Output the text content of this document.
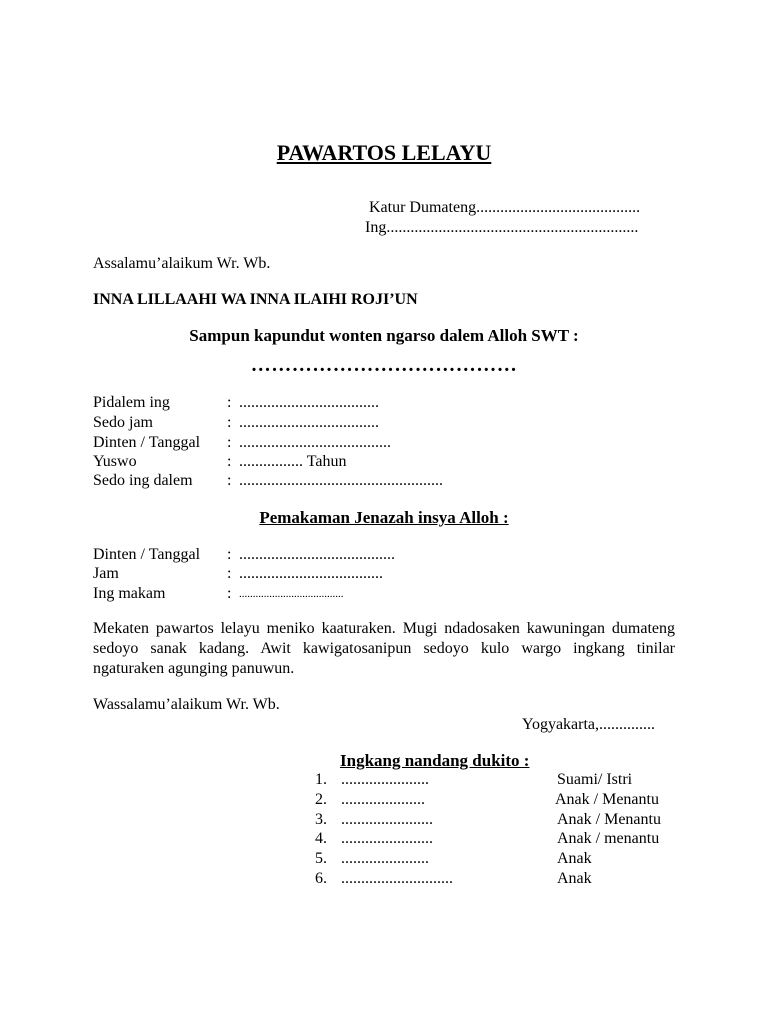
PAWARTOS LELAYU
Katur Dumateng.........................................
Ing...............................................................
Assalamu’alaikum Wr. Wb.
INNA LILLAAHI WA INNA ILAIHI ROJI’UN
Sampun kapundut wonten ngarso dalem Alloh SWT :
…………………………………
Pidalem ing	: ...................................
Sedo jam	: ...................................
Dinten / Tanggal : ......................................
Yuswo	: ................ Tahun
Sedo ing dalem : ...................................................
Pemakaman Jenazah insya Alloh :
Dinten / Tanggal : .......................................
Jam	: ....................................
Ing makam	: ......................................
Mekaten pawartos lelayu meniko kaaturaken. Mugi ndadosaken kawuningan dumateng sedoyo sanak kadang. Awit kawigatosanipun sedoyo kulo wargo ingkang tinilar ngaturaken agunging panuwun.
Wassalamu’alaikum Wr. Wb.
Yogyakarta,..............
Ingkang nandang dukito :
1. ......................	Suami/ Istri
2. .....................	Anak / Menantu
3. .......................	Anak / Menantu
4. .......................	Anak / menantu
5. ......................	Anak
6. ............................	Anak
